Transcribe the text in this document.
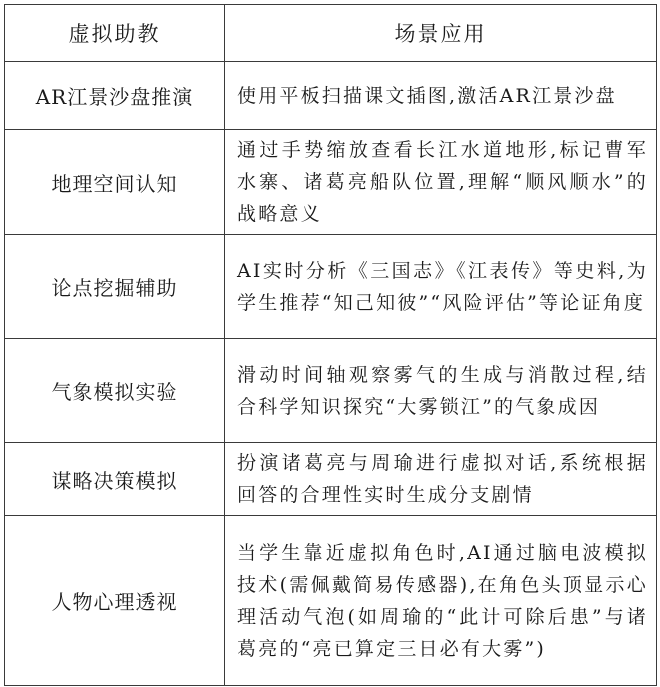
虚拟助教	场景应用
AR江景沙盘推演	使用平板扫描课文插图,激活AR江景沙盘
地理空间认知	通过手势缩放查看长江水道地形,标记曹军水寨、诸葛亮船队位置,理解“顺风顺水”的战略意义
论点挖掘辅助	AI实时分析《三国志》《江表传》等史料,为学生推荐“知己知彼”“风险评估”等论证角度
气象模拟实验	滑动时间轴观察雾气的生成与消散过程,结合科学知识探究“大雾锁江”的气象成因
谋略决策模拟	扮演诸葛亮与周瑜进行虚拟对话,系统根据回答的合理性实时生成分支剧情
人物心理透视	当学生靠近虚拟角色时,AI通过脑电波模拟技术(需佩戴简易传感器),在角色头顶显示心理活动气泡(如周瑜的“此计可除后患”与诸葛亮的“亮已算定三日必有大雾”)
